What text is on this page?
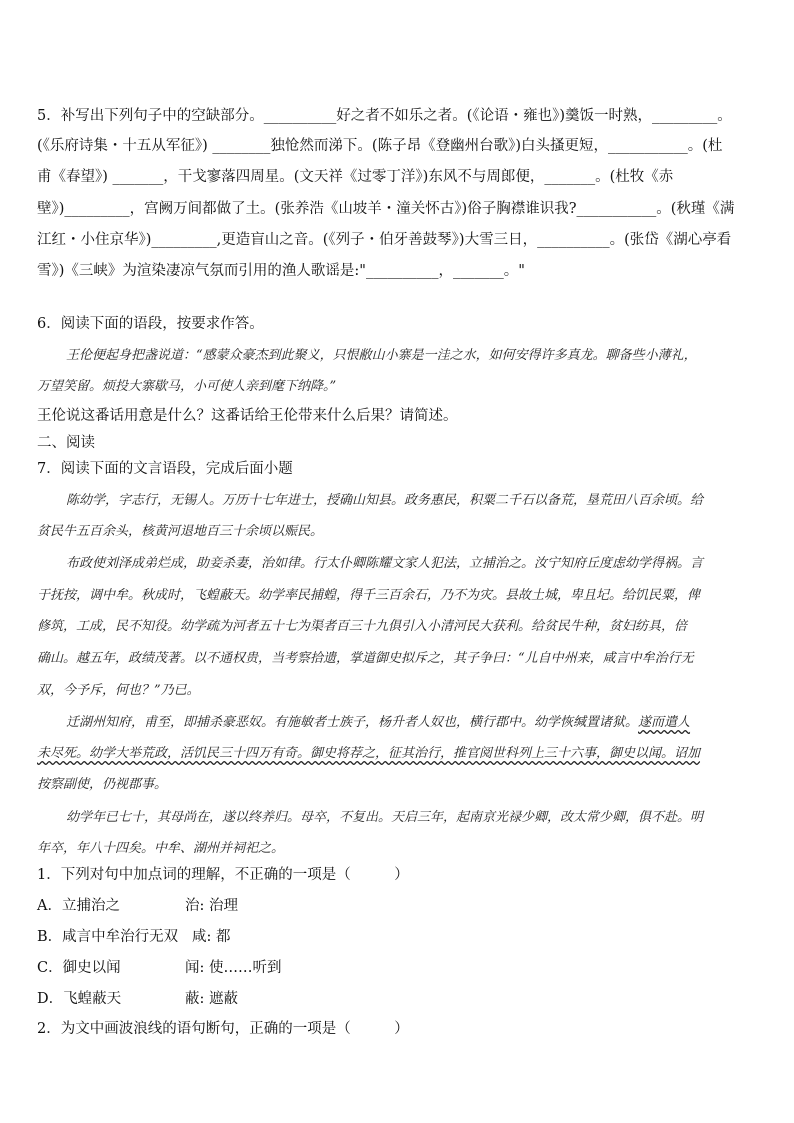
5．补写出下列句子中的空缺部分。__________好之者不如乐之者。(《论语・雍也》)羹饭一时熟，_________。
(《乐府诗集・十五从军征》) ________独怆然而涕下。(陈子昂《登幽州台歌》)白头搔更短，___________。(杜
甫《春望》) _______，干戈寥落四周星。(文天祥《过零丁洋》)东风不与周郎便，_______。(杜牧《赤
壁》)_________，宫阙万间都做了土。(张养浩《山坡羊・潼关怀古》)俗子胸襟谁识我?___________。(秋瑾《满
江红・小住京华》)_________,更造盲山之音。(《列子・伯牙善鼓琴》)大雪三日，__________。(张岱《湖心亭看
雪》)《三峡》为渲染凄凉气氛而引用的渔人歌谣是:"__________，_______。"
6．阅读下面的语段，按要求作答。
王伦便起身把盏说道：“感蒙众豪杰到此聚义，只恨敝山小寨是一洼之水，如何安得许多真龙。聊备些小薄礼，
万望笑留。烦投大寨歇马，小可使人亲到麾下纳降。”
王伦说这番话用意是什么？这番话给王伦带来什么后果？请简述。
二、阅读
7．阅读下面的文言语段，完成后面小题
陈幼学，字志行，无锡人。万历十七年进士，授确山知县。政务惠民，积粟二千石以备荒，垦荒田八百余顷。给
贫民牛五百余头，核黄河退地百三十余顷以赈民。
布政使刘泽成弟烂成，助妾杀妻，治如律。行太仆卿陈耀文家人犯法，立捕治之。汝宁知府丘度虑幼学得祸。言
于抚按，调中牟。秋成时，飞蝗蔽天。幼学率民捕蝗，得千三百余石，乃不为灾。县故土城，卑且圮。给饥民粟，俾
修筑，工成，民不知役。幼学疏为河者五十七为渠者百三十九俱引入小清河民大获利。给贫民牛种，贫妇纺具，倍
确山。越五年，政绩茂著。以不通权贵，当考察拾遗，掌道御史拟斥之，其子争曰：“儿自中州来，咸言中牟治行无
双，今予斥，何也？”乃已。
迁湖州知府，甫至，即捕杀豪恶奴。有施敏者士族子，杨升者人奴也，横行郡中。幼学恢缄置诸狱。遂而遣人
未尽死。幼学大举荒政，活饥民三十四万有奇。御史将荐之，征其治行，推官阅世科列上三十六事，御史以闻。诏加
按察副使，仍视郡事。
幼学年已七十，其母尚在，遂以终养归。母卒，不复出。天启三年，起南京光禄少卿，改太常少卿，俱不赴。明
年卒，年八十四矣。中牟、湖州并祠祀之。
1．下列对句中加点词的理解，不正确的一项是（　　　）
A．立捕治之	治: 治理
B．咸言中牟治行无双 咸: 都
C．御史以闻	闻: 使……听到
D．飞蝗蔽天	蔽: 遮蔽
2．为文中画波浪线的语句断句，正确的一项是（　　　）
